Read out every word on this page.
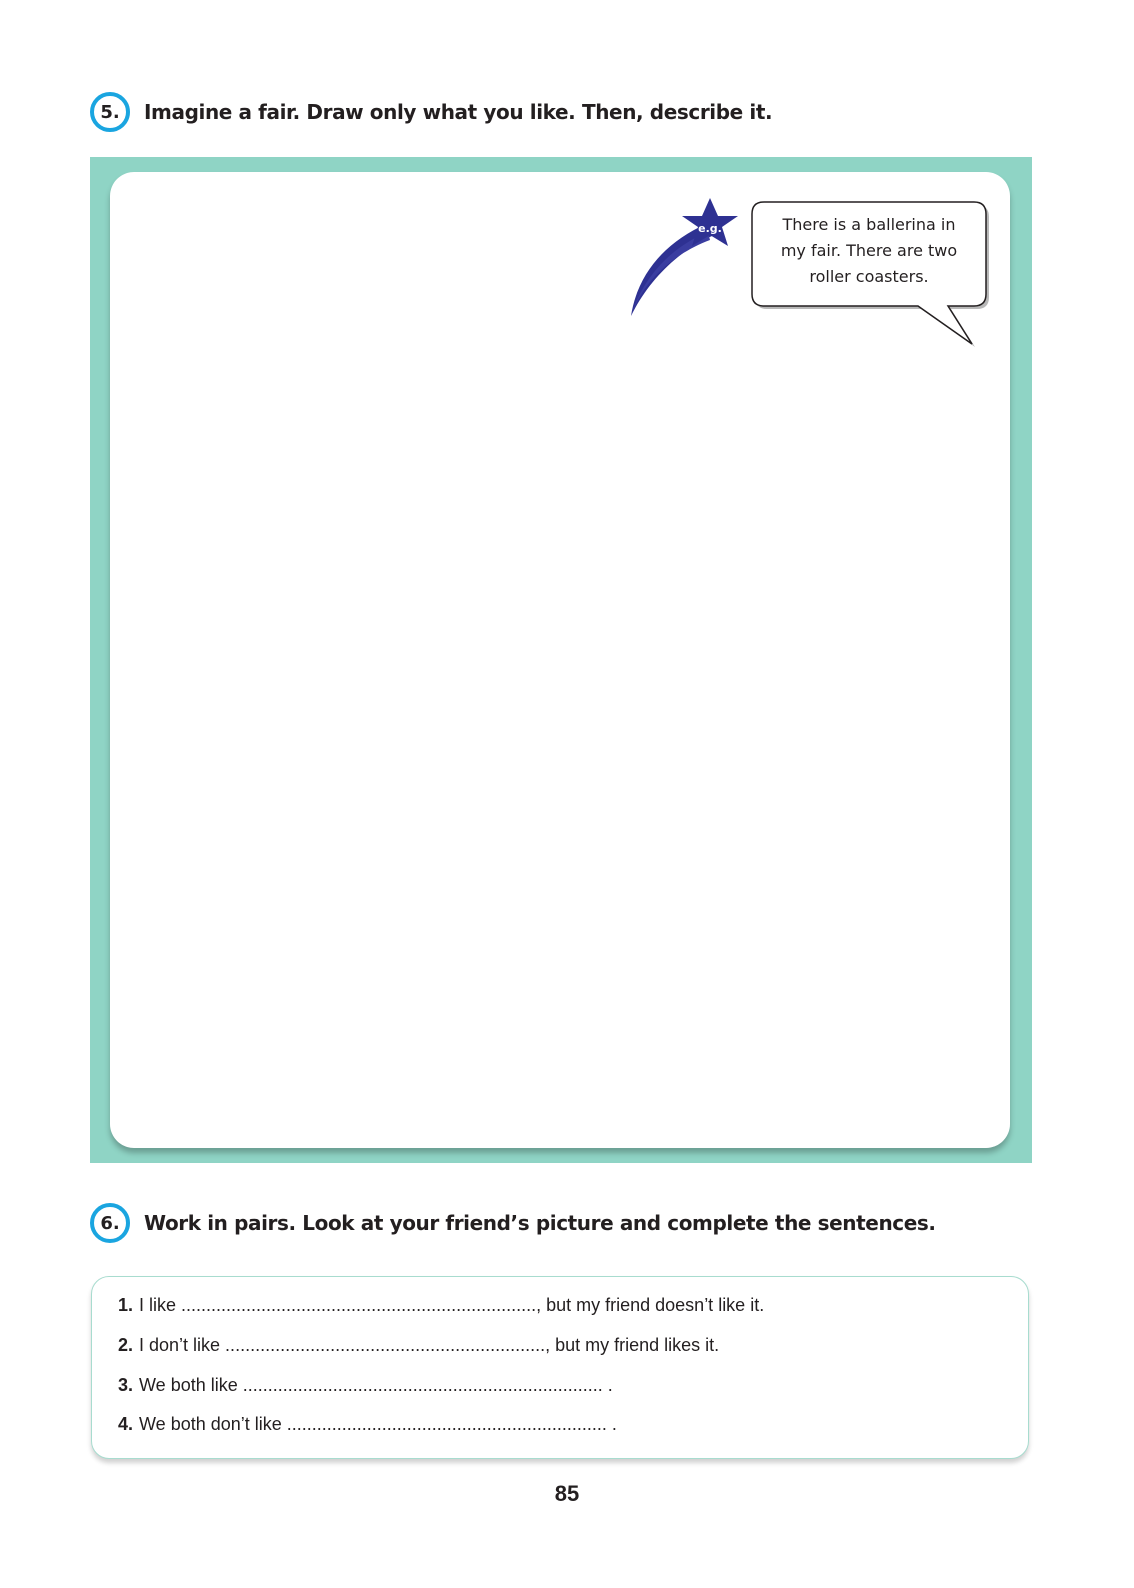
5.	Imagine a fair. Draw only what you like. Then, describe it.
e.g.	There is a ballerina in
my fair. There are two
roller coasters.
6.	Work in pairs. Look at your friend’s picture and complete the sentences.
1. I like ......................................................................., but my friend doesn’t like it.
2. I don’t like ................................................................, but my friend likes it.
3. We both like ........................................................................ .
4. We both don’t like ................................................................ .
85
